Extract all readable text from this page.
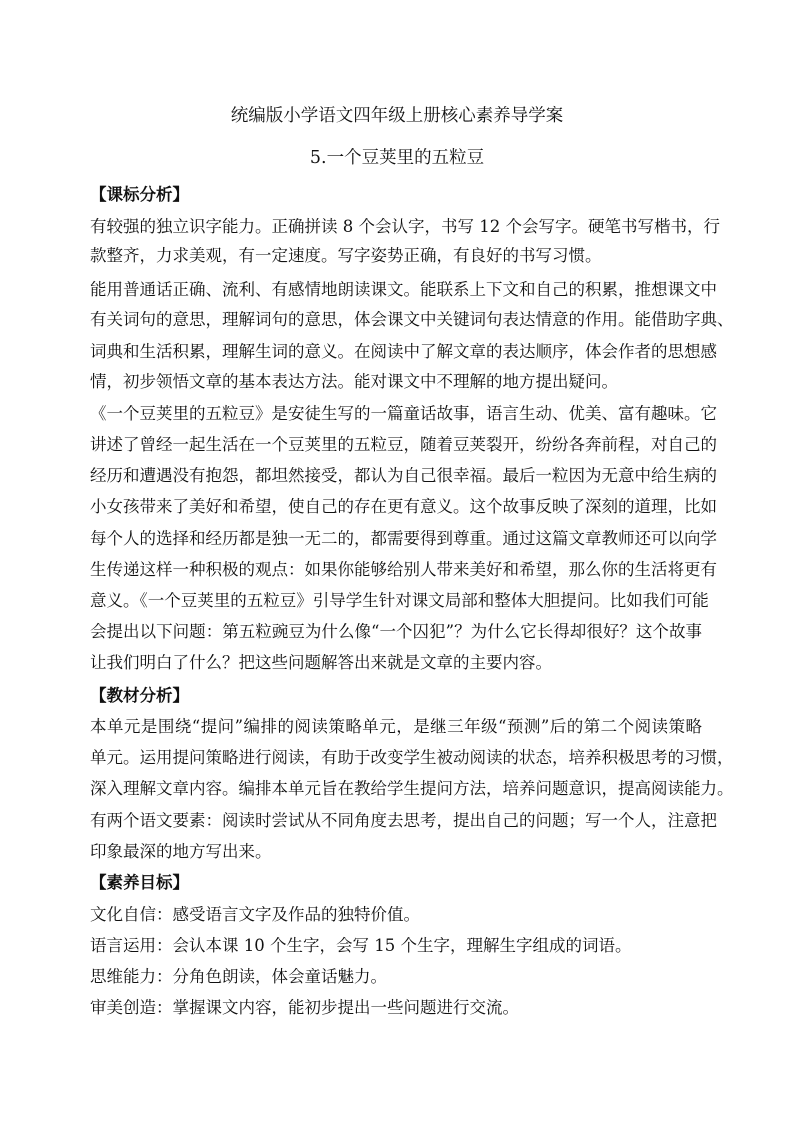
统编版小学语文四年级上册核心素养导学案
5.一个豆荚里的五粒豆
【课标分析】
有较强的独立识字能力。正确拼读 8 个会认字，书写 12 个会写字。硬笔书写楷书，行
款整齐，力求美观，有一定速度。写字姿势正确，有良好的书写习惯。
能用普通话正确、流利、有感情地朗读课文。能联系上下文和自己的积累，推想课文中
有关词句的意思，理解词句的意思，体会课文中关键词句表达情意的作用。能借助字典、
词典和生活积累，理解生词的意义。在阅读中了解文章的表达顺序，体会作者的思想感
情，初步领悟文章的基本表达方法。能对课文中不理解的地方提出疑问。
《一个豆荚里的五粒豆》是安徒生写的一篇童话故事，语言生动、优美、富有趣味。它
讲述了曾经一起生活在一个豆荚里的五粒豆，随着豆荚裂开，纷纷各奔前程，对自己的
经历和遭遇没有抱怨，都坦然接受，都认为自己很幸福。最后一粒因为无意中给生病的
小女孩带来了美好和希望，使自己的存在更有意义。这个故事反映了深刻的道理，比如
每个人的选择和经历都是独一无二的，都需要得到尊重。通过这篇文章教师还可以向学
生传递这样一种积极的观点：如果你能够给别人带来美好和希望，那么你的生活将更有
意义。《一个豆荚里的五粒豆》引导学生针对课文局部和整体大胆提问。比如我们可能
会提出以下问题：第五粒豌豆为什么像“一个囚犯”？为什么它长得却很好？这个故事
让我们明白了什么？把这些问题解答出来就是文章的主要内容。
【教材分析】
本单元是围绕“提问”编排的阅读策略单元，是继三年级“预测”后的第二个阅读策略
单元。运用提问策略进行阅读，有助于改变学生被动阅读的状态，培养积极思考的习惯，
深入理解文章内容。编排本单元旨在教给学生提问方法，培养问题意识，提高阅读能力。
有两个语文要素：阅读时尝试从不同角度去思考，提出自己的问题；写一个人，注意把
印象最深的地方写出来。
【素养目标】
文化自信：感受语言文字及作品的独特价值。
语言运用：会认本课 10 个生字，会写 15 个生字，理解生字组成的词语。
思维能力：分角色朗读，体会童话魅力。
审美创造：掌握课文内容，能初步提出一些问题进行交流。
